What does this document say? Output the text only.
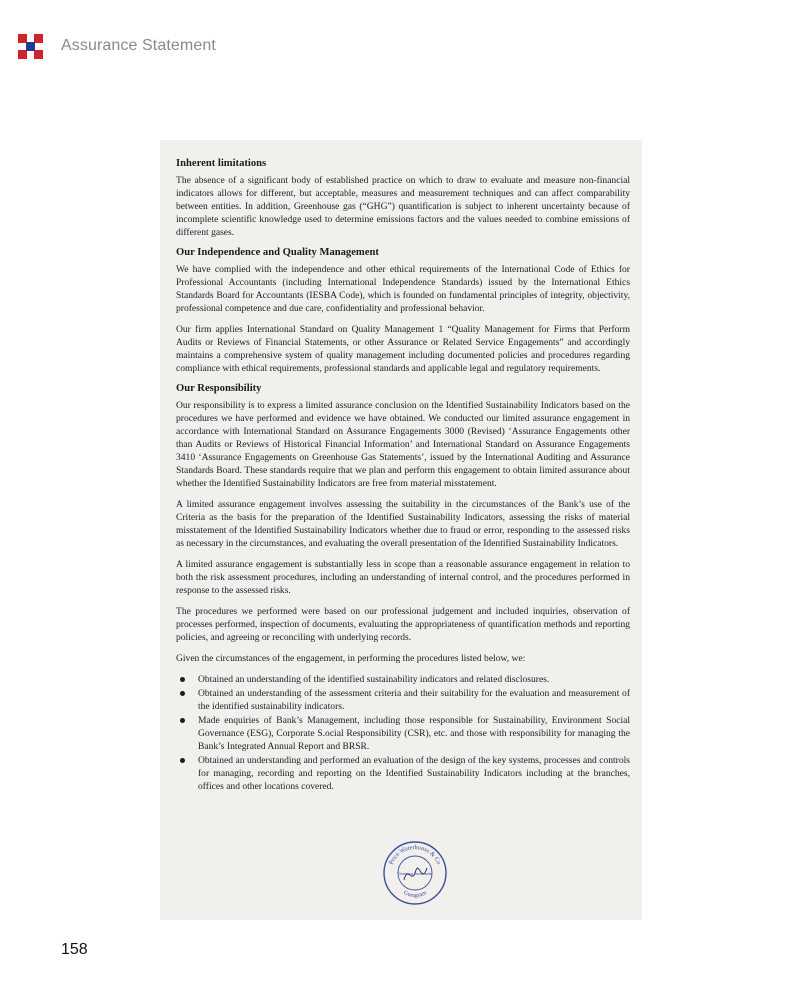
Assurance Statement
Inherent limitations

The absence of a significant body of established practice on which to draw to evaluate and measure non-financial indicators allows for different, but acceptable, measures and measurement techniques and can affect comparability between entities. In addition, Greenhouse gas (“GHG”) quantification is subject to inherent uncertainty because of incomplete scientific knowledge used to determine emissions factors and the values needed to combine emissions of different gases.

Our Independence and Quality Management

We have complied with the independence and other ethical requirements of the International Code of Ethics for Professional Accountants (including International Independence Standards) issued by the International Ethics Standards Board for Accountants (IESBA Code), which is founded on fundamental principles of integrity, objectivity, professional competence and due care, confidentiality and professional behavior.

Our firm applies International Standard on Quality Management 1 “Quality Management for Firms that Perform Audits or Reviews of Financial Statements, or other Assurance or Related Service Engagements” and accordingly maintains a comprehensive system of quality management including documented policies and procedures regarding compliance with ethical requirements, professional standards and applicable legal and regulatory requirements.

Our Responsibility

Our responsibility is to express a limited assurance conclusion on the Identified Sustainability Indicators based on the procedures we have performed and evidence we have obtained. We conducted our limited assurance engagement in accordance with International Standard on Assurance Engagements 3000 (Revised) ‘Assurance Engagements other than Audits or Reviews of Historical Financial Information’ and International Standard on Assurance Engagements 3410 ‘Assurance Engagements on Greenhouse Gas Statements’, issued by the International Auditing and Assurance Standards Board. These standards require that we plan and perform this engagement to obtain limited assurance about whether the Identified Sustainability Indicators are free from material misstatement.

A limited assurance engagement involves assessing the suitability in the circumstances of the Bank’s use of the Criteria as the basis for the preparation of the Identified Sustainability Indicators, assessing the risks of material misstatement of the Identified Sustainability Indicators whether due to fraud or error, responding to the assessed risks as necessary in the circumstances, and evaluating the overall presentation of the Identified Sustainability Indicators.

A limited assurance engagement is substantially less in scope than a reasonable assurance engagement in relation to both the risk assessment procedures, including an understanding of internal control, and the procedures performed in response to the assessed risks.

The procedures we performed were based on our professional judgement and included inquiries, observation of processes performed, inspection of documents, evaluating the appropriateness of quantification methods and reporting policies, and agreeing or reconciling with underlying records.

Given the circumstances of the engagement, in performing the procedures listed below, we:

Obtained an understanding of the identified sustainability indicators and related disclosures.
Obtained an understanding of the assessment criteria and their suitability for the evaluation and measurement of the identified sustainability indicators.
Made enquiries of Bank’s Management, including those responsible for Sustainability, Environment Social Governance (ESG), Corporate S.ocial Responsibility (CSR), etc. and those with responsibility for managing the Bank’s Integrated Annual Report and BRSR.
Obtained an understanding and performed an evaluation of the design of the key systems, processes and controls for managing, recording and reporting on the Identified Sustainability Indicators including at the branches, offices and other locations covered.
Price Waterhouse & Co
Chartered Accountants
Gurugram
158
